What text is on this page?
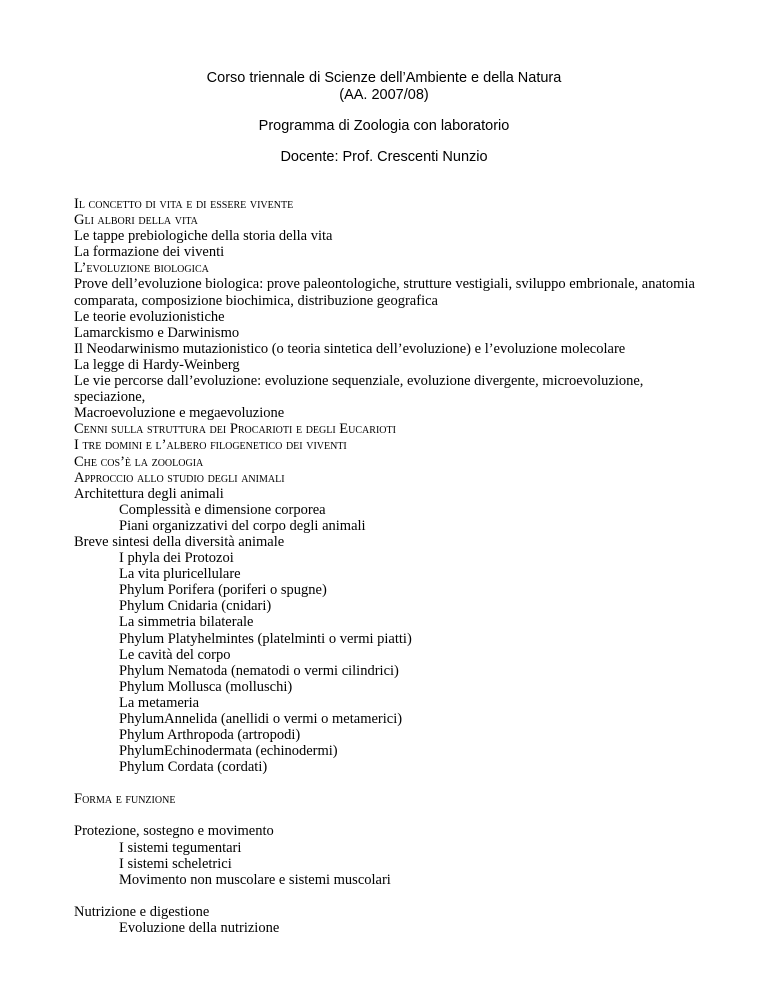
Corso triennale di Scienze dell’Ambiente e della Natura
(AA. 2007/08)
Programma di Zoologia con laboratorio
Docente: Prof. Crescenti Nunzio
Il concetto di vita e di essere vivente
Gli albori della vita
Le tappe prebiologiche della storia della vita
La formazione dei viventi
L’evoluzione biologica
Prove dell’evoluzione biologica: prove paleontologiche, strutture vestigiali, sviluppo embrionale, anatomia comparata, composizione biochimica, distribuzione geografica
Le teorie evoluzionistiche
Lamarckismo e Darwinismo
Il Neodarwinismo mutazionistico (o teoria sintetica dell’evoluzione) e l’evoluzione molecolare
La legge di Hardy-Weinberg
Le vie percorse dall’evoluzione: evoluzione sequenziale, evoluzione divergente, microevoluzione, speciazione,
Macroevoluzione e megaevoluzione
Cenni sulla struttura dei Procarioti e degli Eucarioti
I tre domini e l’albero filogenetico dei viventi
Che cos’è la zoologia
Approccio allo studio degli animali
Architettura degli animali
Complessità e dimensione corporea
Piani organizzativi del corpo degli animali
Breve sintesi della diversità animale
I phyla dei Protozoi
La vita pluricellulare
Phylum Porifera (poriferi o spugne)
Phylum Cnidaria (cnidari)
La simmetria bilaterale
Phylum Platyhelmintes (platelminti o vermi piatti)
Le cavità del corpo
Phylum Nematoda (nematodi o vermi cilindrici)
Phylum Mollusca (molluschi)
La metameria
PhylumAnnelida (anellidi o vermi o metamerici)
Phylum Arthropoda (artropodi)
PhylumEchinodermata (echinodermi)
Phylum Cordata (cordati)
Forma e funzione
Protezione, sostegno e movimento
I sistemi tegumentari
I sistemi scheletrici
Movimento non muscolare e sistemi muscolari
Nutrizione e digestione
Evoluzione della nutrizione
